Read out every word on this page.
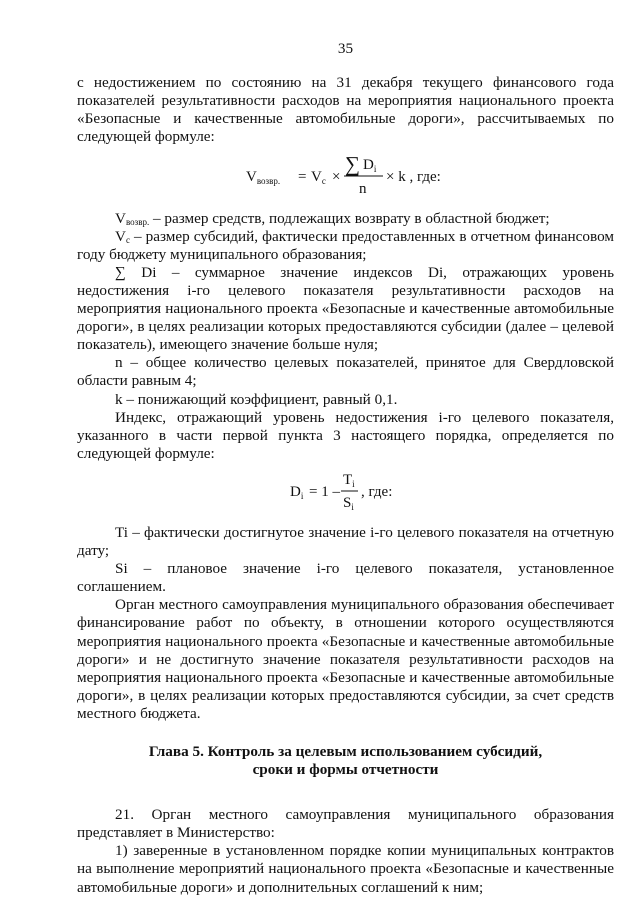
35

с недостижением по состоянию на 31 декабря текущего финансового года показателей результативности расходов на мероприятия национального проекта «Безопасные и качественные автомобильные дороги», рассчитываемых по следующей формуле:

$V_{возвр.} = V_c$ ×
∑ $D_i$
n
× k , где:

$V_{возвр.}$ – размер средств, подлежащих возврату в областной бюджет;

$V_c$ – размер субсидий, фактически предоставленных в отчетном финансовом году бюджету муниципального образования;

∑ Di – суммарное значение индексов Di, отражающих уровень недостижения i-го целевого показателя результативности расходов на мероприятия национального проекта «Безопасные и качественные автомобильные дороги», в целях реализации которых предоставляются субсидии (далее – целевой показатель), имеющего значение больше нуля;

n – общее количество целевых показателей, принятое для Свердловской области равным 4;

k – понижающий коэффициент, равный 0,1.

Индекс, отражающий уровень недостижения i-го целевого показателя, указанного в части первой пункта 3 настоящего порядка, определяется по следующей формуле:

$D_i = 1$ –
$T_i$
$S_i$
, где:

Ti – фактически достигнутое значение i-го целевого показателя на отчетную дату;

Si – плановое значение i-го целевого показателя, установленное соглашением.

Орган местного самоуправления муниципального образования обеспечивает финансирование работ по объекту, в отношении которого осуществляются мероприятия национального проекта «Безопасные и качественные автомобильные дороги» и не достигнуто значение показателя результативности расходов на мероприятия национального проекта «Безопасные и качественные автомобильные дороги», в целях реализации которых предоставляются субсидии, за счет средств местного бюджета.

Глава 5. Контроль за целевым использованием субсидий,
сроки и формы отчетности

21. Орган местного самоуправления муниципального образования представляет в Министерство:

1) заверенные в установленном порядке копии муниципальных контрактов на выполнение мероприятий национального проекта «Безопасные и качественные автомобильные дороги» и дополнительных соглашений к ним;
